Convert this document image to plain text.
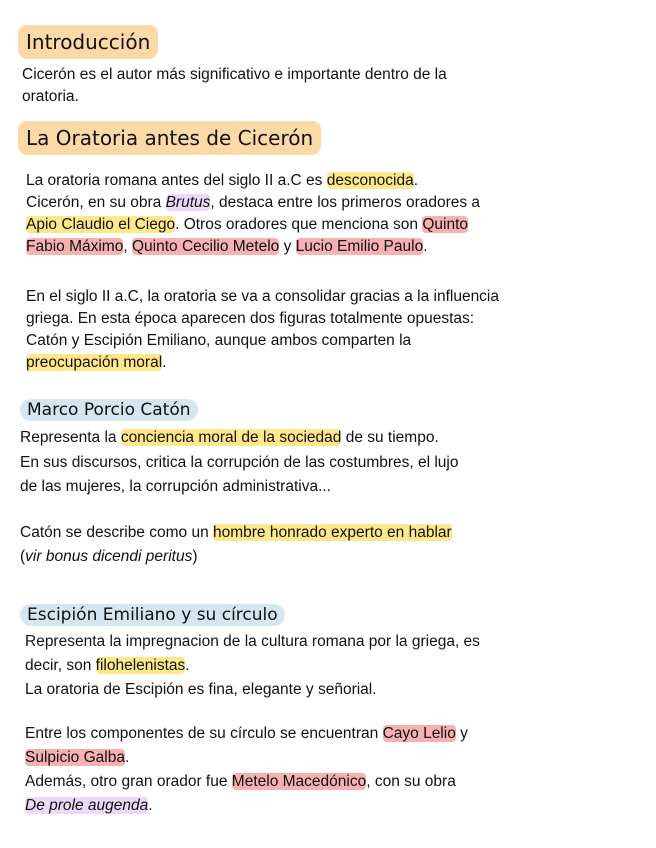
Introducción

Cicerón es el autor más significativo e importante dentro de la

oratoria.

La Oratoria antes de Cicerón

La oratoria romana antes del siglo II a.C es desconocida.

Cicerón, en su obra Brutus, destaca entre los primeros oradores a

Apio Claudio el Ciego. Otros oradores que menciona son Quinto

Fabio Máximo, Quinto Cecilio Metelo y Lucio Emilio Paulo.

En el siglo II a.C, la oratoria se va a consolidar gracias a la influencia

griega. En esta época aparecen dos figuras totalmente opuestas:

Catón y Escipión Emiliano, aunque ambos comparten la

preocupación moral.

Marco Porcio Catón

Representa la conciencia moral de la sociedad de su tiempo.

En sus discursos, critica la corrupción de las costumbres, el lujo

de las mujeres, la corrupción administrativa...

Catón se describe como un hombre honrado experto en hablar

(vir bonus dicendi peritus)

Escipión Emiliano y su círculo

Representa la impregnacion de la cultura romana por la griega, es

decir, son filohelenistas.

La oratoria de Escipión es fina, elegante y señorial.

Entre los componentes de su círculo se encuentran Cayo Lelio y

Sulpicio Galba.

Además, otro gran orador fue Metelo Macedónico, con su obra

De prole augenda.
